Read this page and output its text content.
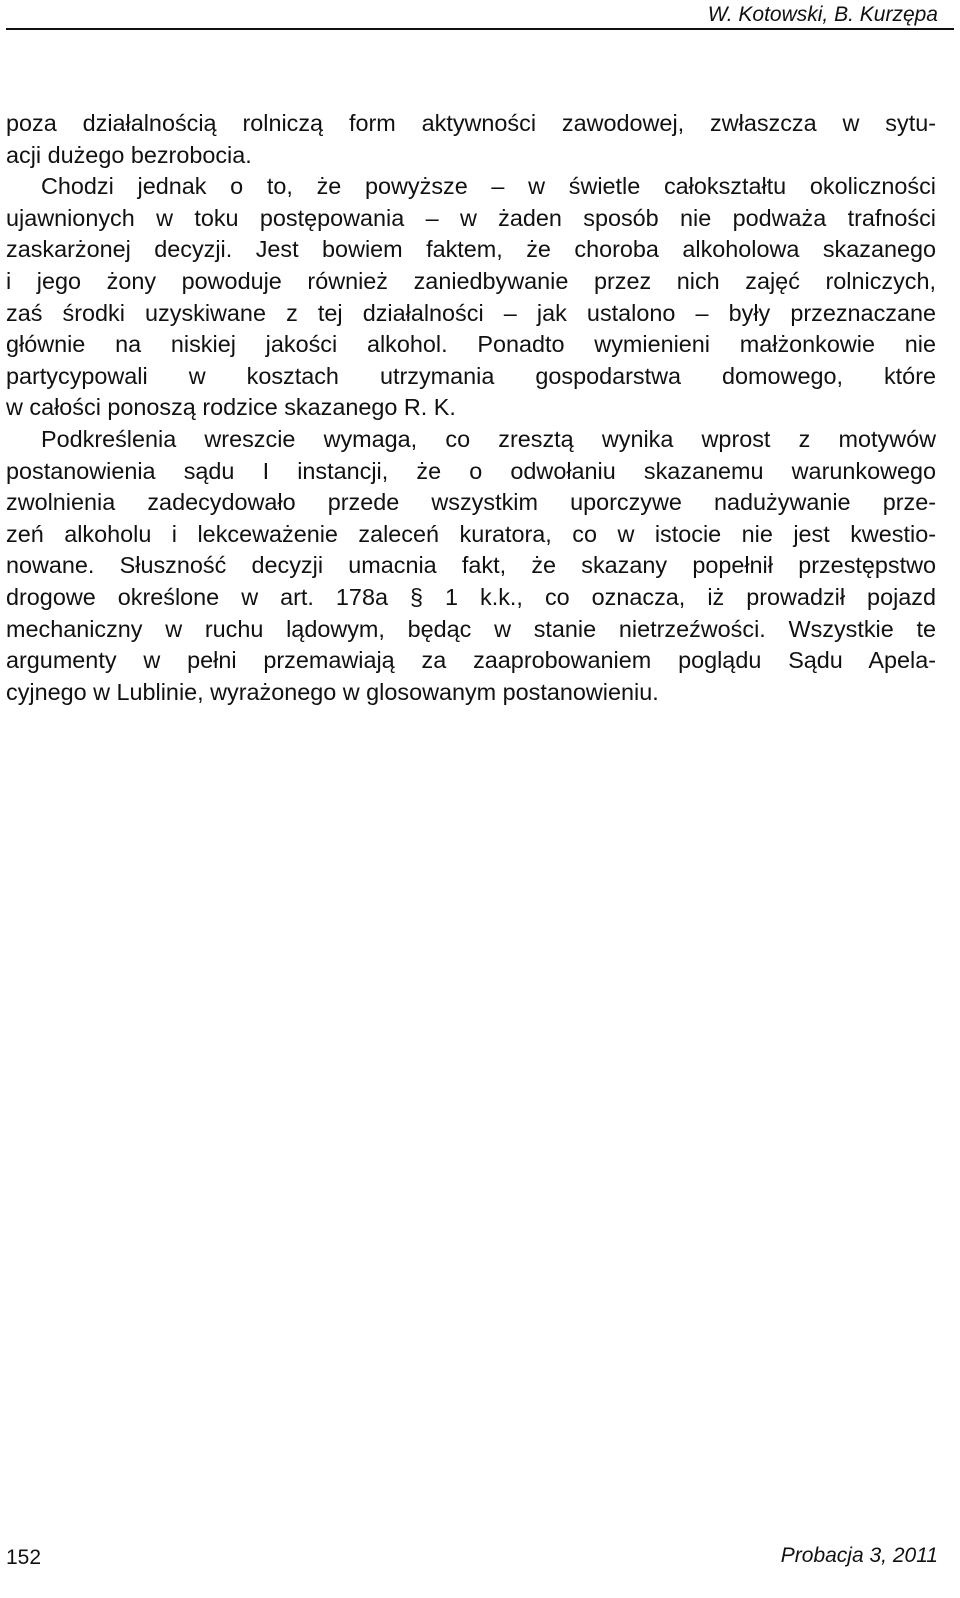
W. Kotowski, B. Kurzępa
poza działalnością rolniczą form aktywności zawodowej, zwłaszcza w sytu-
acji dużego bezrobocia.
Chodzi jednak o to, że powyższe – w świetle całokształtu okoliczności
ujawnionych w toku postępowania – w żaden sposób nie podważa trafności
zaskarżonej decyzji. Jest bowiem faktem, że choroba alkoholowa skazanego
i jego żony powoduje również zaniedbywanie przez nich zajęć rolniczych,
zaś środki uzyskiwane z tej działalności – jak ustalono – były przeznaczane
głównie na niskiej jakości alkohol. Ponadto wymienieni małżonkowie nie
partycypowali w kosztach utrzymania gospodarstwa domowego, które
w całości ponoszą rodzice skazanego R. K.
Podkreślenia wreszcie wymaga, co zresztą wynika wprost z motywów
postanowienia sądu I instancji, że o odwołaniu skazanemu warunkowego
zwolnienia zadecydowało przede wszystkim uporczywe nadużywanie prze-
zeń alkoholu i lekceważenie zaleceń kuratora, co w istocie nie jest kwestio-
nowane. Słuszność decyzji umacnia fakt, że skazany popełnił przestępstwo
drogowe określone w art. 178a § 1 k.k., co oznacza, iż prowadził pojazd
mechaniczny w ruchu lądowym, będąc w stanie nietrzeźwości. Wszystkie te
argumenty w pełni przemawiają za zaaprobowaniem poglądu Sądu Apela-
cyjnego w Lublinie, wyrażonego w glosowanym postanowieniu.
152	Probacja 3, 2011
